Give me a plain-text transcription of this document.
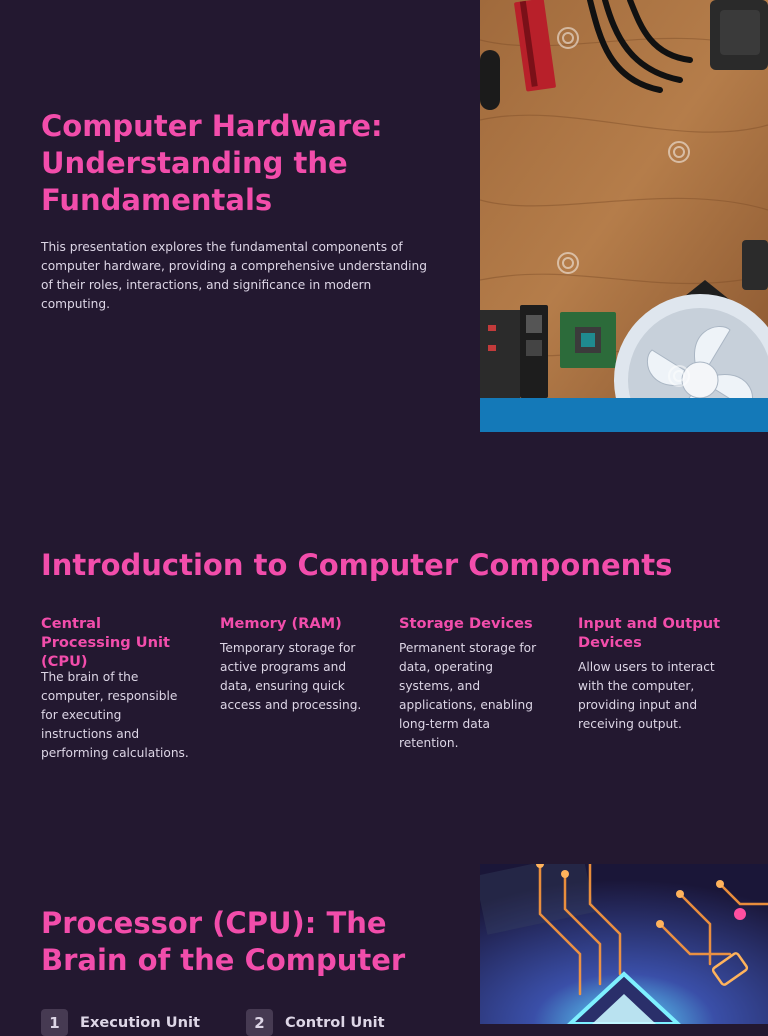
Computer Hardware: Understanding the Fundamentals

This presentation explores the fundamental components of computer hardware, providing a comprehensive understanding of their roles, interactions, and significance in modern computing.

Introduction to Computer Components
Central Processing Unit (CPU)

The brain of the computer, responsible for executing instructions and performing calculations.

Memory (RAM)

Temporary storage for active programs and data, ensuring quick access and processing.

Storage Devices

Permanent storage for data, operating systems, and applications, enabling long-term data retention.

Input and Output Devices

Allow users to interact with the computer, providing input and receiving output.

Processor (CPU): The Brain of the Computer
1	Execution Unit	2	Control Unit
